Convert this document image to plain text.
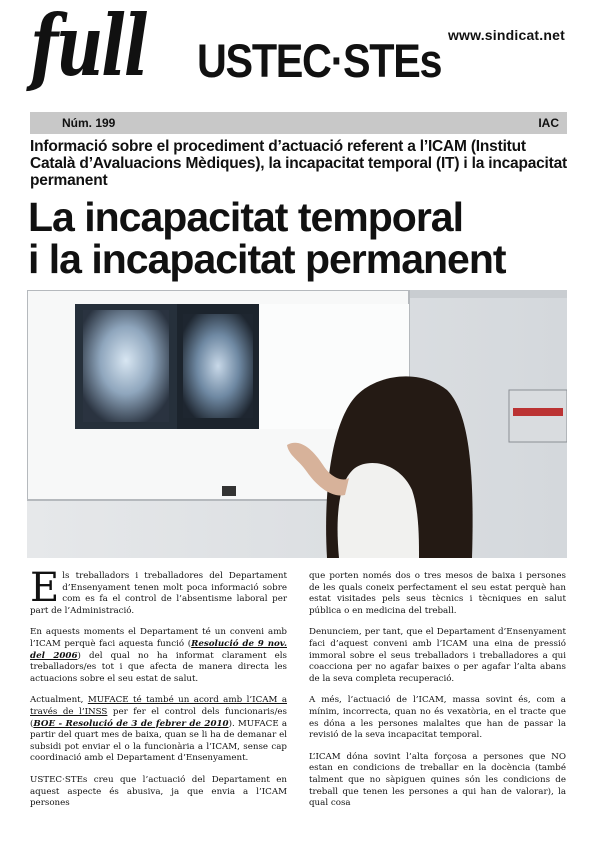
www.sindicat.net
full USTEC·STEs
Núm. 199	IAC
Informació sobre el procediment d’actuació referent a l’ICAM (Institut Català d’Avaluacions Mèdiques), la incapacitat temporal (IT) i la incapacitat permanent
La incapacitat temporal
i la incapacitat permanent

Els treballadors i treballadores del Departament d’Ensenyament tenen molt poca informació sobre com es fa el control de l’absentisme laboral per part de l’Administració.

En aquests moments el Departament té un conveni amb l’ICAM perquè faci aquesta funció (Resolució de 9 nov. del 2006) del qual no ha informat clarament els treballadors/es tot i que afecta de manera directa les actuacions sobre el seu estat de salut.

Actualment, MUFACE té també un acord amb l’ICAM a través de l’INSS per fer el control dels funcionaris/es (BOE - Resolució de 3 de febrer de 2010). MUFACE a partir del quart mes de baixa, quan se li ha de demanar el subsidi pot enviar el o la funcionària a l’ICAM, sense cap coordinació amb el Departament d’Ensenyament.

USTEC·STEs creu que l’actuació del Departament en aquest aspecte és abusiva, ja que envia a l’ICAM persones

que porten només dos o tres mesos de baixa i persones de les quals coneix perfectament el seu estat perquè han estat visitades pels seus tècnics i tècniques en salut pública o en medicina del treball.

Denunciem, per tant, que el Departament d’Ensenyament faci d’aquest conveni amb l’ICAM una eina de pressió immoral sobre el seus treballadors i treballadores a qui coacciona per no agafar baixes o per agafar l’alta abans de la seva completa recuperació.

A més, l’actuació de l’ICAM, massa sovint és, com a mínim, incorrecta, quan no és vexatòria, en el tracte que es dóna a les persones malaltes que han de passar la revisió de la seva incapacitat temporal.

L’ICAM dóna sovint l’alta forçosa a persones que NO estan en condicions de treballar en la docència (també talment que no sàpiguen quines són les condicions de treball que tenen les persones a qui han de valorar), la qual cosa
